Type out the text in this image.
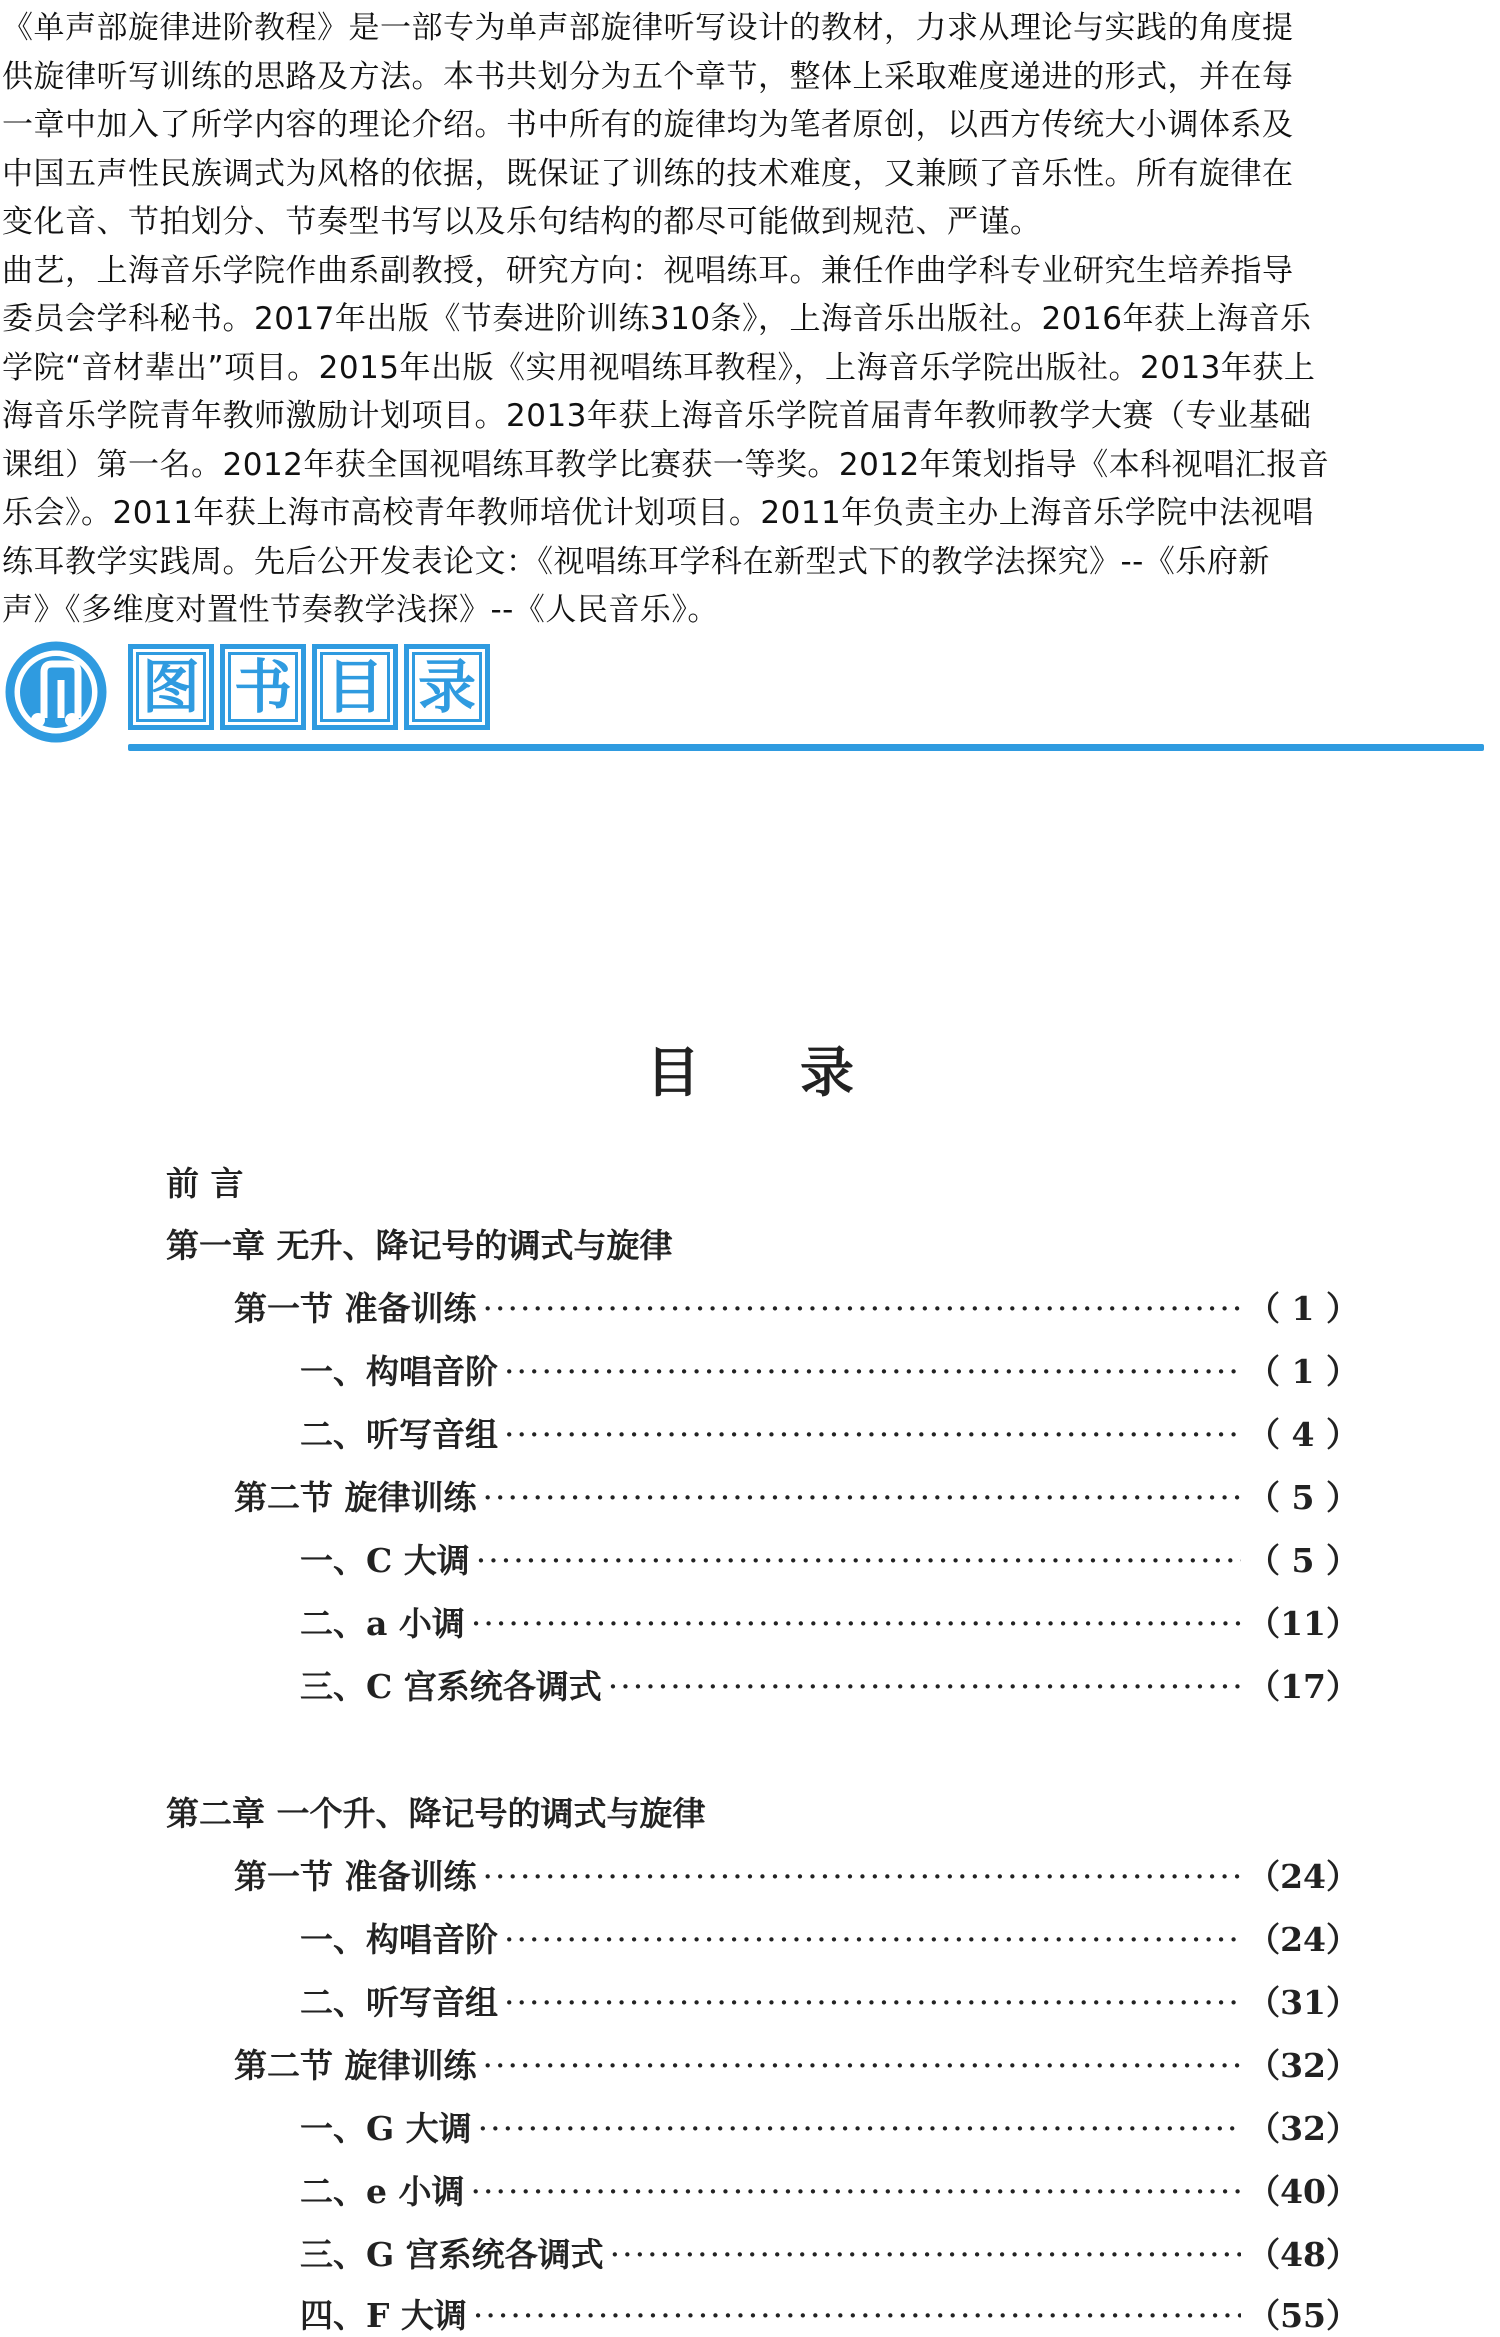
《单声部旋律进阶教程》是一部专为单声部旋律听写设计的教材，力求从理论与实践的角度提
供旋律听写训练的思路及方法。本书共划分为五个章节，整体上采取难度递进的形式，并在每
一章中加入了所学内容的理论介绍。书中所有的旋律均为笔者原创，以西方传统大小调体系及
中国五声性民族调式为风格的依据，既保证了训练的技术难度，又兼顾了音乐性。所有旋律在
变化音、节拍划分、节奏型书写以及乐句结构的都尽可能做到规范、严谨。
曲艺，上海音乐学院作曲系副教授，研究方向：视唱练耳。兼任作曲学科专业研究生培养指导
委员会学科秘书。2017年出版《节奏进阶训练310条》，上海音乐出版社。2016年获上海音乐
学院“音材辈出”项目。2015年出版《实用视唱练耳教程》，上海音乐学院出版社。2013年获上
海音乐学院青年教师激励计划项目。2013年获上海音乐学院首届青年教师教学大赛（专业基础
课组）第一名。2012年获全国视唱练耳教学比赛获一等奖。2012年策划指导《本科视唱汇报音
乐会》。2011年获上海市高校青年教师培优计划项目。2011年负责主办上海音乐学院中法视唱
练耳教学实践周。先后公开发表论文：《视唱练耳学科在新型式下的教学法探究》--《乐府新
声》《多维度对置性节奏教学浅探》--《人民音乐》。
图 书 目 录
目录
前 言
第一章 无升、降记号的调式与旋律
第一节 准备训练 ·····	（ 1 ）
一、构唱音阶 ·····	（ 1 ）
二、听写音组 ·····	（ 4 ）
第二节 旋律训练 ·····	（ 5 ）
一、C 大调 ·····	（ 5 ）
二、a 小调 ·····	（11）
三、C 宫系统各调式 ·····	（17）
第二章 一个升、降记号的调式与旋律
第一节 准备训练 ·····	（24）
一、构唱音阶 ·····	（24）
二、听写音组 ·····	（31）
第二节 旋律训练 ·····	（32）
一、G 大调 ·····	（32）
二、e 小调 ·····	（40）
三、G 宫系统各调式 ·····	（48）
四、F 大调 ·····	（55）
